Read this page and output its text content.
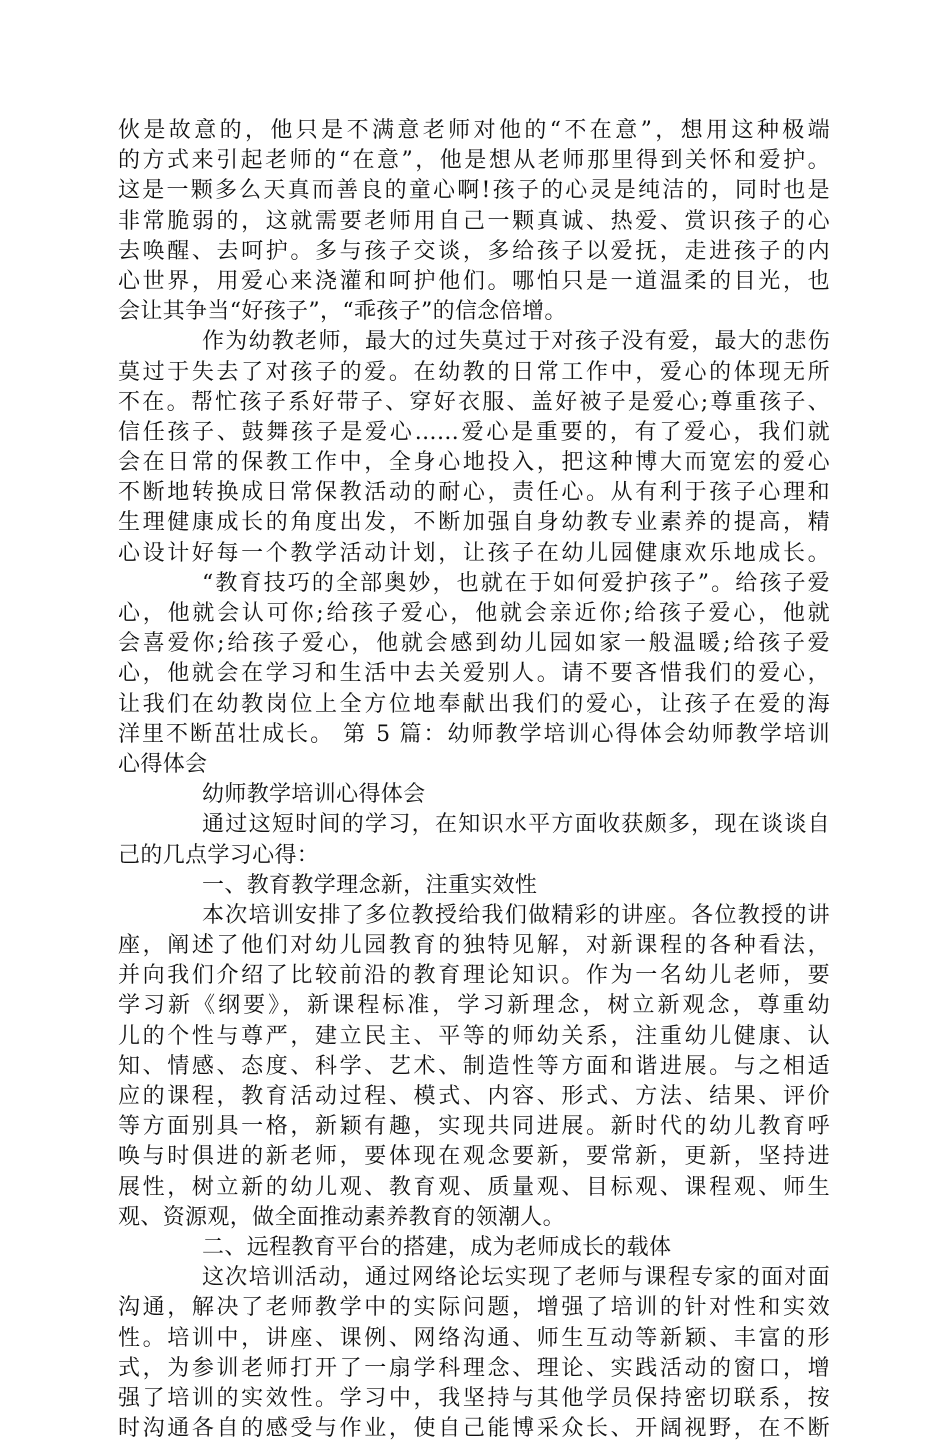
伙是故意的，他只是不满意老师对他的“不在意”，想用这种极端
的方式来引起老师的“在意”，他是想从老师那里得到关怀和爱护。
这是一颗多么天真而善良的童心啊!孩子的心灵是纯洁的，同时也是
非常脆弱的，这就需要老师用自己一颗真诚、热爱、赏识孩子的心
去唤醒、去呵护。多与孩子交谈，多给孩子以爱抚，走进孩子的内
心世界，用爱心来浇灌和呵护他们。哪怕只是一道温柔的目光，也
会让其争当“好孩子”，“乖孩子”的信念倍增。
作为幼教老师，最大的过失莫过于对孩子没有爱，最大的悲伤
莫过于失去了对孩子的爱。在幼教的日常工作中，爱心的体现无所
不在。帮忙孩子系好带子、穿好衣服、盖好被子是爱心;尊重孩子、
信任孩子、鼓舞孩子是爱心……爱心是重要的，有了爱心，我们就
会在日常的保教工作中，全身心地投入，把这种博大而宽宏的爱心
不断地转换成日常保教活动的耐心，责任心。从有利于孩子心理和
生理健康成长的角度出发，不断加强自身幼教专业素养的提高，精
心设计好每一个教学活动计划，让孩子在幼儿园健康欢乐地成长。
“教育技巧的全部奥妙，也就在于如何爱护孩子”。给孩子爱
心，他就会认可你;给孩子爱心，他就会亲近你;给孩子爱心，他就
会喜爱你;给孩子爱心，他就会感到幼儿园如家一般温暖;给孩子爱
心，他就会在学习和生活中去关爱别人。请不要吝惜我们的爱心，
让我们在幼教岗位上全方位地奉献出我们的爱心，让孩子在爱的海
洋里不断茁壮成长。 第 5 篇：幼师教学培训心得体会幼师教学培训
心得体会
幼师教学培训心得体会
通过这短时间的学习，在知识水平方面收获颇多，现在谈谈自
己的几点学习心得：
一、教育教学理念新，注重实效性
本次培训安排了多位教授给我们做精彩的讲座。各位教授的讲
座，阐述了他们对幼儿园教育的独特见解，对新课程的各种看法，
并向我们介绍了比较前沿的教育理论知识。作为一名幼儿老师，要
学习新《纲要》，新课程标准，学习新理念，树立新观念，尊重幼
儿的个性与尊严，建立民主、平等的师幼关系，注重幼儿健康、认
知、情感、态度、科学、艺术、制造性等方面和谐进展。与之相适
应的课程，教育活动过程、模式、内容、形式、方法、结果、评价
等方面别具一格，新颖有趣，实现共同进展。新时代的幼儿教育呼
唤与时俱进的新老师，要体现在观念要新，要常新，更新，坚持进
展性，树立新的幼儿观、教育观、质量观、目标观、课程观、师生
观、资源观，做全面推动素养教育的领潮人。
二、远程教育平台的搭建，成为老师成长的载体
这次培训活动，通过网络论坛实现了老师与课程专家的面对面
沟通，解决了老师教学中的实际问题，增强了培训的针对性和实效
性。培训中，讲座、课例、网络沟通、师生互动等新颖、丰富的形
式，为参训老师打开了一扇学科理念、理论、实践活动的窗口，增
强了培训的实效性。学习中，我坚持与其他学员保持密切联系，按
时沟通各自的感受与作业，使自己能博采众长、开阔视野，在不断
